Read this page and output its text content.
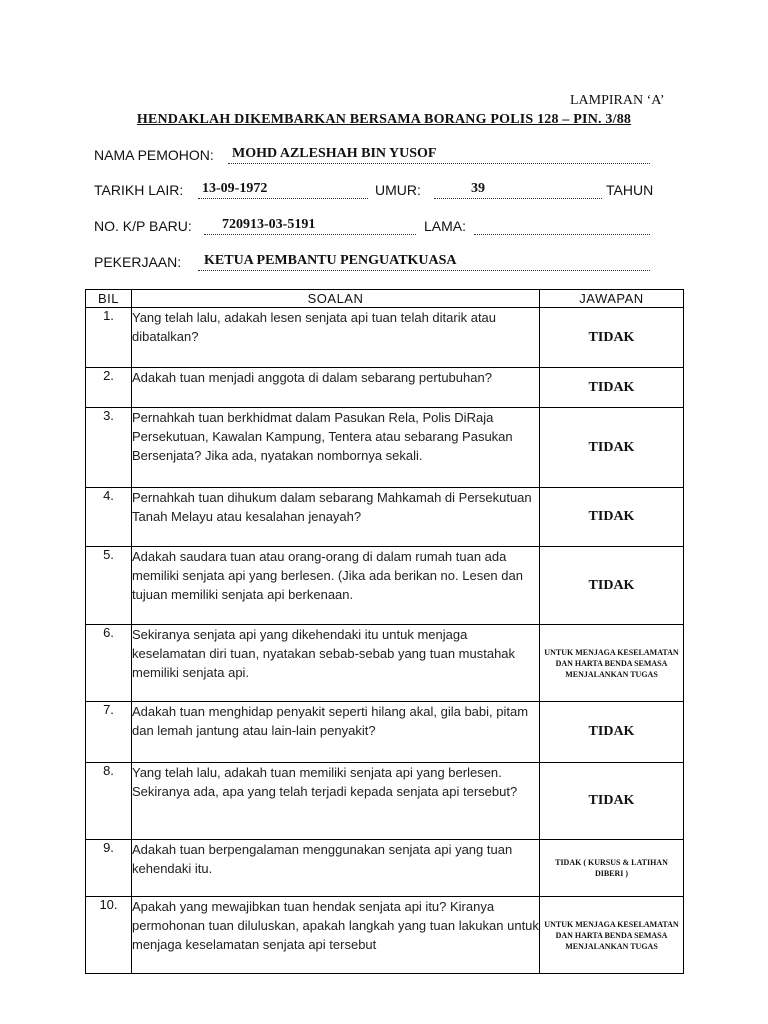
LAMPIRAN ‘A’
HENDAKLAH DIKEMBARKAN BERSAMA BORANG POLIS 128 – PIN. 3/88
NAMA PEMOHON: MOHD AZLESHAH BIN YUSOF
TARIKH LAIR: 13-09-1972	UMUR:	39	TAHUN
NO. K/P BARU: 720913-03-5191	LAMA:
PEKERJAAN: KETUA PEMBANTU PENGUATKUASA
BIL	SOALAN	JAWAPAN
1.	Yang telah lalu, adakah lesen senjata api tuan telah ditarik atau dibatalkan?	TIDAK
2.	Adakah tuan menjadi anggota di dalam sebarang pertubuhan?	TIDAK
3.	Pernahkah tuan berkhidmat dalam Pasukan Rela, Polis DiRaja Persekutuan, Kawalan Kampung, Tentera atau sebarang Pasukan Bersenjata? Jika ada, nyatakan nombornya sekali.	TIDAK
4.	Pernahkah tuan dihukum dalam sebarang Mahkamah di Persekutuan Tanah Melayu atau kesalahan jenayah?	TIDAK
5.	Adakah saudara tuan atau orang-orang di dalam rumah tuan ada memiliki senjata api yang berlesen. (Jika ada berikan no. Lesen dan tujuan memiliki senjata api berkenaan.	TIDAK
6.	Sekiranya senjata api yang dikehendaki itu untuk menjaga keselamatan diri tuan, nyatakan sebab-sebab yang tuan mustahak memiliki senjata api.	UNTUK MENJAGA KESELAMATAN DAN HARTA BENDA SEMASA MENJALANKAN TUGAS
7.	Adakah tuan menghidap penyakit seperti hilang akal, gila babi, pitam dan lemah jantung atau lain-lain penyakit?	TIDAK
8.	Yang telah lalu, adakah tuan memiliki senjata api yang berlesen. Sekiranya ada, apa yang telah terjadi kepada senjata api tersebut?	TIDAK
9.	Adakah tuan berpengalaman menggunakan senjata api yang tuan kehendaki itu.	TIDAK ( KURSUS & LATIHAN DIBERI )
10.	Apakah yang mewajibkan tuan hendak senjata api itu? Kiranya permohonan tuan diluluskan, apakah langkah yang tuan lakukan untuk menjaga keselamatan senjata api tersebut	UNTUK MENJAGA KESELAMATAN DAN HARTA BENDA SEMASA MENJALANKAN TUGAS
